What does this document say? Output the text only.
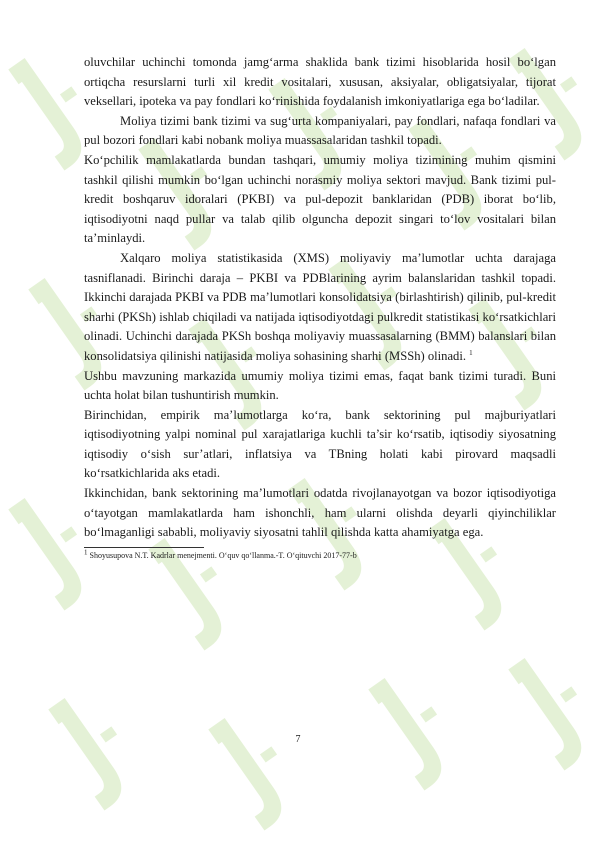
oluvchilar uchinchi tomonda jamg‘arma shaklida bank tizimi hisoblarida hosil bo‘lgan ortiqcha resurslarni turli xil kredit vositalari, xususan, aksiyalar, obligatsiyalar, tijorat veksellari, ipoteka va pay fondlari ko‘rinishida foydalanish imkoniyatlariga ega bo‘ladilar.

Moliya tizimi bank tizimi va sug‘urta kompaniyalari, pay fondlari, nafaqa fondlari va pul bozori fondlari kabi nobank moliya muassasalaridan tashkil topadi.

Ko‘pchilik mamlakatlarda bundan tashqari, umumiy moliya tizimining muhim qismini tashkil qilishi mumkin bo‘lgan uchinchi norasmiy moliya sektori mavjud. Bank tizimi pul-kredit boshqaruv idoralari (PKBI) va pul-depozit banklaridan (PDB) iborat bo‘lib, iqtisodiyotni naqd pullar va talab qilib olguncha depozit singari to‘lov vositalari bilan ta’minlaydi.

Xalqaro moliya statistikasida (XMS) moliyaviy ma’lumotlar uchta darajaga tasniflanadi. Birinchi daraja – PKBI va PDBlarining ayrim balanslaridan tashkil topadi. Ikkinchi darajada PKBI va PDB ma’lumotlari konsolidatsiya (birlashtirish) qilinib, pul-kredit sharhi (PKSh) ishlab chiqiladi va natijada iqtisodiyotdagi pulkredit statistikasi ko‘rsatkichlari olinadi. Uchinchi darajada PKSh boshqa moliyaviy muassasalarning (BMM) balanslari bilan konsolidatsiya qilinishi natijasida moliya sohasining sharhi (MSSh) olinadi. $^1$

Ushbu mavzuning markazida umumiy moliya tizimi emas, faqat bank tizimi turadi. Buni uchta holat bilan tushuntirish mumkin.

Birinchidan, empirik ma’lumotlarga ko‘ra, bank sektorining pul majburiyatlari iqtisodiyotning yalpi nominal pul xarajatlariga kuchli ta’sir ko‘rsatib, iqtisodiy siyosatning iqtisodiy o‘sish sur’atlari, inflatsiya va TBning holati kabi pirovard maqsadli ko‘rsatkichlarida aks etadi.

Ikkinchidan, bank sektorining ma’lumotlari odatda rivojlanayotgan va bozor iqtisodiyotiga o‘tayotgan mamlakatlarda ham ishonchli, ham ularni olishda deyarli qiyinchiliklar bo‘lmaganligi sababli, moliyaviy siyosatni tahlil qilishda katta ahamiyatga ega.

1 Shoyusupova N.T. Kadrlar menejmenti. O‘quv qo‘llanma.-T. O‘qituvchi 2017-77-b
7
